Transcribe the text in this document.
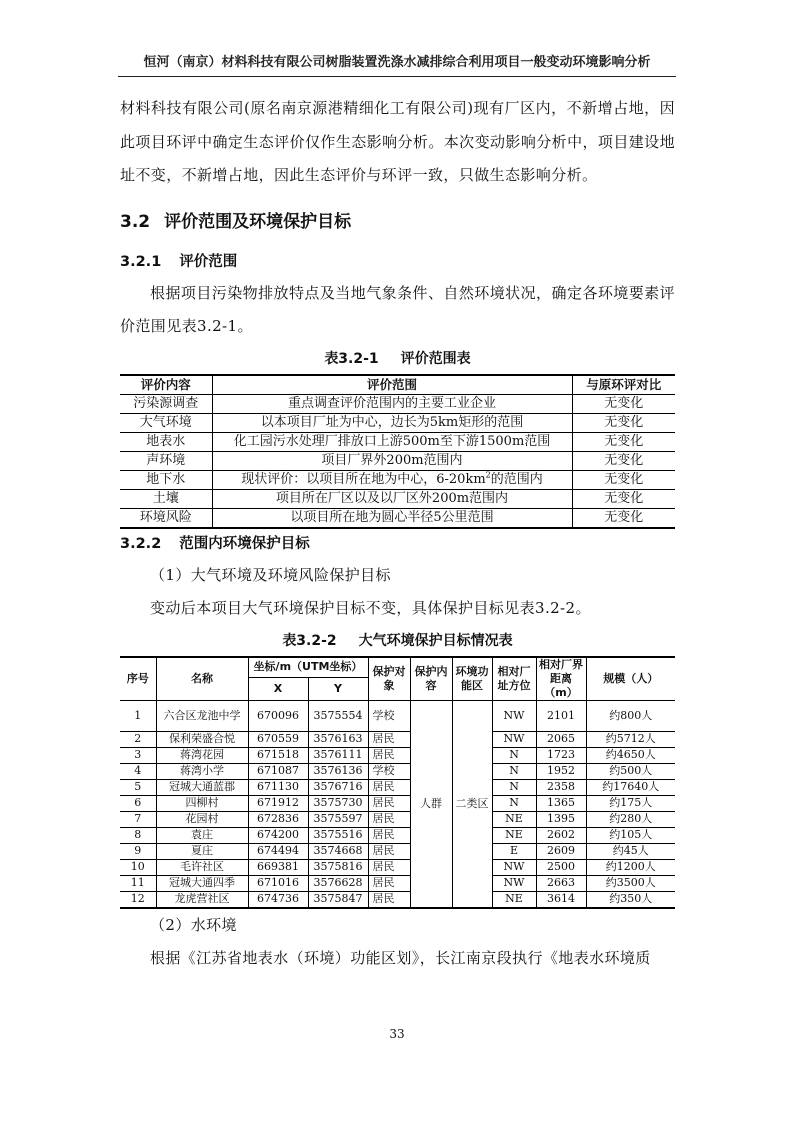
恒河（南京）材料科技有限公司树脂装置洗涤水减排综合利用项目一般变动环境影响分析

材料科技有限公司(原名南京源港精细化工有限公司)现有厂区内，不新增占地，因此项目环评中确定生态评价仅作生态影响分析。本次变动影响分析中，项目建设地址不变，不新增占地，因此生态评价与环评一致，只做生态影响分析。

3.2 评价范围及环境保护目标
3.2.1 评价范围

根据项目污染物排放特点及当地气象条件、自然环境状况，确定各环境要素评价范围见表3.2-1。

表3.2-1 评价范围表
评价内容	评价范围	与原环评对比
污染源调查	重点调查评价范围内的主要工业企业	无变化
大气环境	以本项目厂址为中心，边长为5km矩形的范围	无变化
地表水	化工园污水处理厂排放口上游500m至下游1500m范围	无变化
声环境	项目厂界外200m范围内	无变化
地下水	现状评价：以项目所在地为中心，$6-20km^2$的范围内	无变化
土壤	项目所在厂区以及以厂区外200m范围内	无变化
环境风险	以项目所在地为圆心半径5公里范围	无变化
3.2.2 范围内环境保护目标

（1）大气环境及环境风险保护目标

变动后本项目大气环境保护目标不变，具体保护目标见表3.2-2。

表3.2-2 大气环境保护目标情况表
序号	名称	坐标/m（UTM坐标）		保护对象	保护内容	环境功能区	相对厂址方位	相对厂界距离（m）	规模（人）
		X	Y						
1	六合区龙池中学	670096	3575554	学校	人群	二类区	NW	2101	约800人
2	保利荣盛合悦	670559	3576163	居民			NW	2065	约5712人
3	蒋湾花园	671518	3576111	居民			N	1723	约4650人
4	蒋湾小学	671087	3576136	学校			N	1952	约500人
5	冠城大通蓝郡	671130	3576716	居民			N	2358	约17640人
6	四柳村	671912	3575730	居民			N	1365	约175人
7	花园村	672836	3575597	居民			NE	1395	约280人
8	袁庄	674200	3575516	居民			NE	2602	约105人
9	夏庄	674494	3574668	居民			E	2609	约45人
10	毛许社区	669381	3575816	居民			NW	2500	约1200人
11	冠城大通四季	671016	3576628	居民			NW	2663	约3500人
12	龙虎营社区	674736	3575847	居民			NE	3614	约350人

（2）水环境

根据《江苏省地表水（环境）功能区划》，长江南京段执行《地表水环境质

33
